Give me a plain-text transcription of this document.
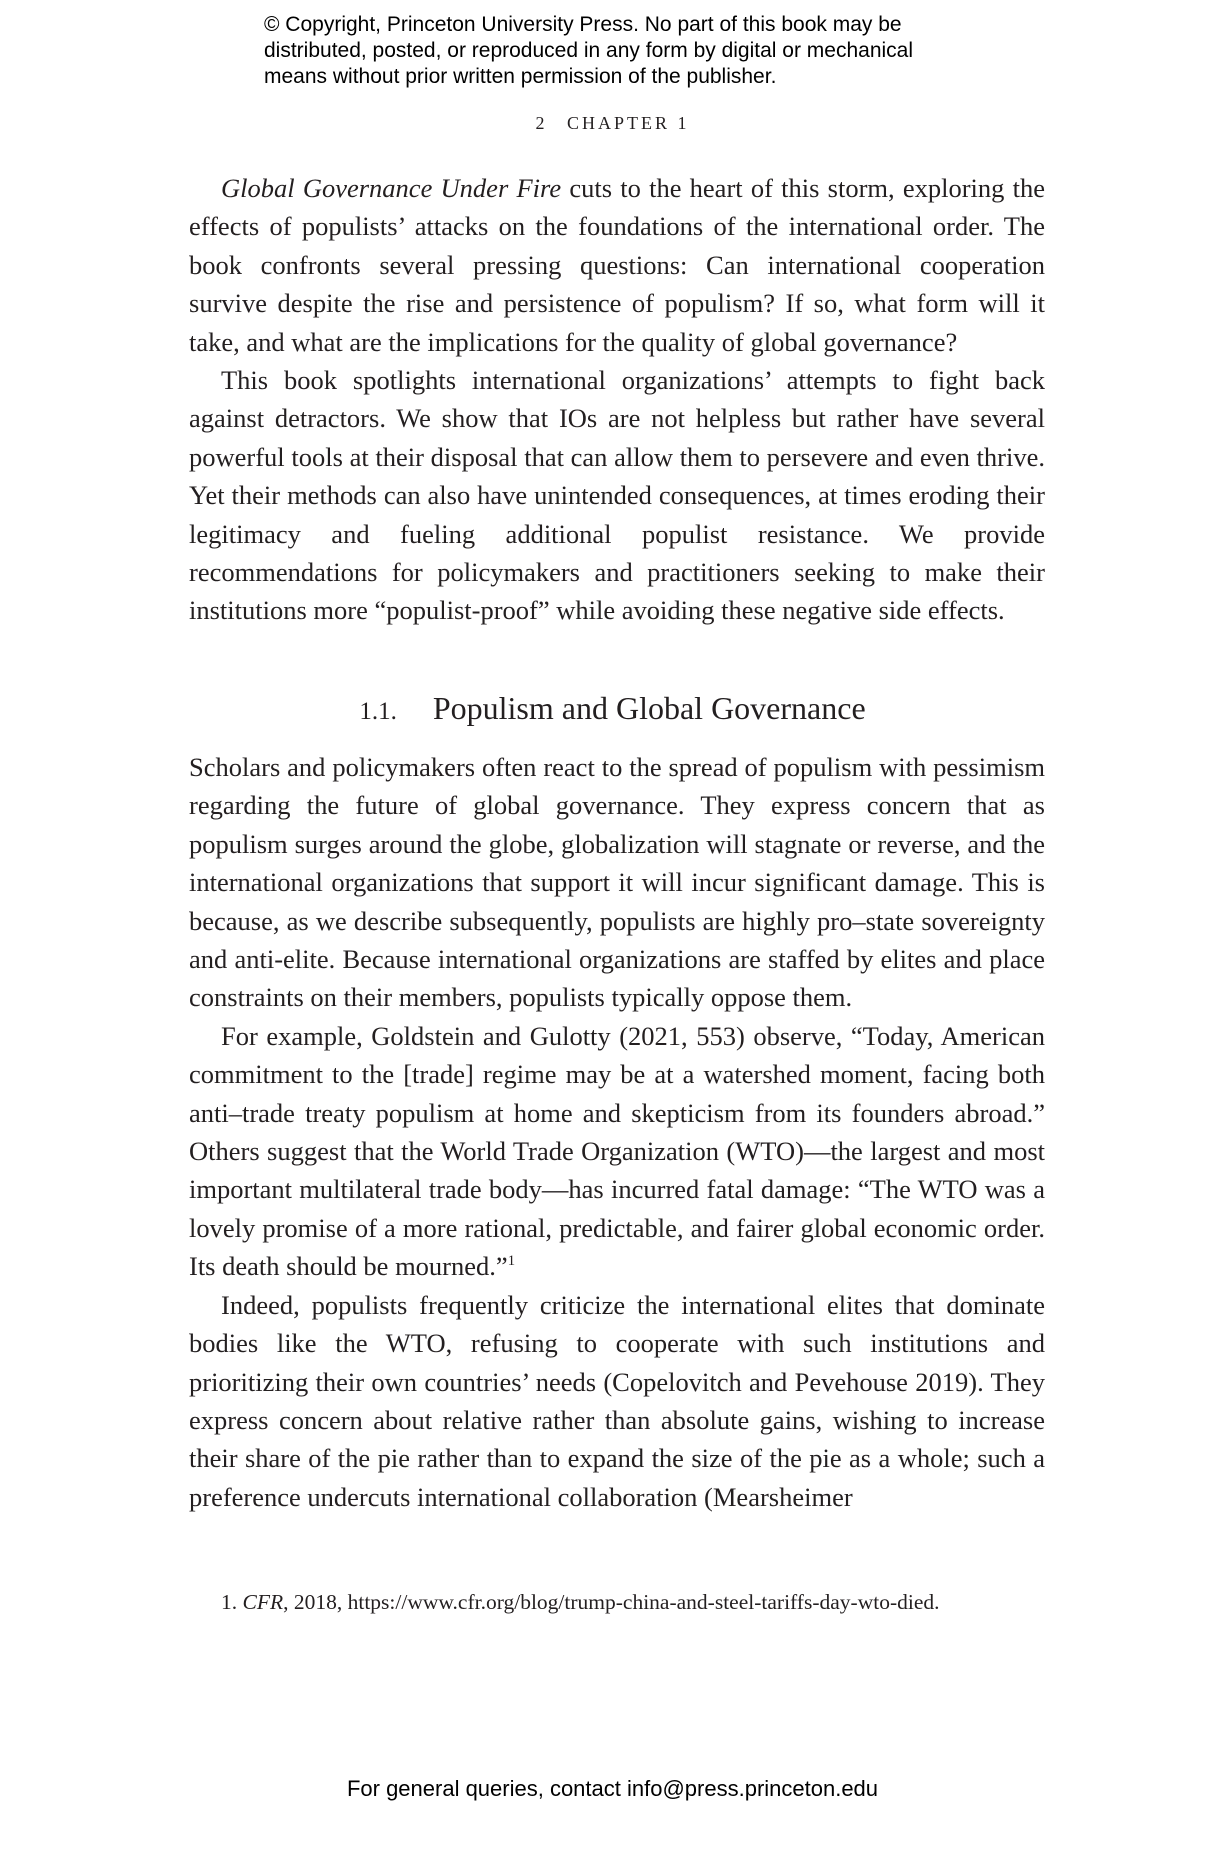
© Copyright, Princeton University Press. No part of this book may be
distributed, posted, or reproduced in any form by digital or mechanical
means without prior written permission of the publisher.
2 CHAPTER 1

Global Governance Under Fire cuts to the heart of this storm, exploring the effects of populists’ attacks on the foundations of the international order. The book confronts several pressing questions: Can international cooperation survive despite the rise and persistence of populism? If so, what form will it take, and what are the implications for the quality of global governance?

This book spotlights international organizations’ attempts to fight back against detractors. We show that IOs are not helpless but rather have several powerful tools at their disposal that can allow them to persevere and even thrive. Yet their methods can also have unintended consequences, at times eroding their legitimacy and fueling additional populist resistance. We provide recommendations for policymakers and practitioners seeking to make their institutions more “populist-proof” while avoiding these negative side effects.

1.1. Populism and Global Governance

Scholars and policymakers often react to the spread of populism with pessimism regarding the future of global governance. They express concern that as populism surges around the globe, globalization will stagnate or reverse, and the international organizations that support it will incur significant damage. This is because, as we describe subsequently, populists are highly pro–state sovereignty and anti-elite. Because international organizations are staffed by elites and place constraints on their members, populists typically oppose them.

For example, Goldstein and Gulotty (2021, 553) observe, “Today, American commitment to the [trade] regime may be at a watershed moment, facing both anti–trade treaty populism at home and skepticism from its founders abroad.” Others suggest that the World Trade Organization (WTO)—the largest and most important multilateral trade body—has incurred fatal damage: “The WTO was a lovely promise of a more rational, predictable, and fairer global economic order. Its death should be mourned.”$^1$

Indeed, populists frequently criticize the international elites that dominate bodies like the WTO, refusing to cooperate with such institutions and prioritizing their own countries’ needs (Copelovitch and Pevehouse 2019). They express concern about relative rather than absolute gains, wishing to increase their share of the pie rather than to expand the size of the pie as a whole; such a preference undercuts international collaboration (Mearsheimer

1. CFR, 2018, https://www.cfr.org/blog/trump-china-and-steel-tariffs-day-wto-died.
For general queries, contact info@press.princeton.edu
